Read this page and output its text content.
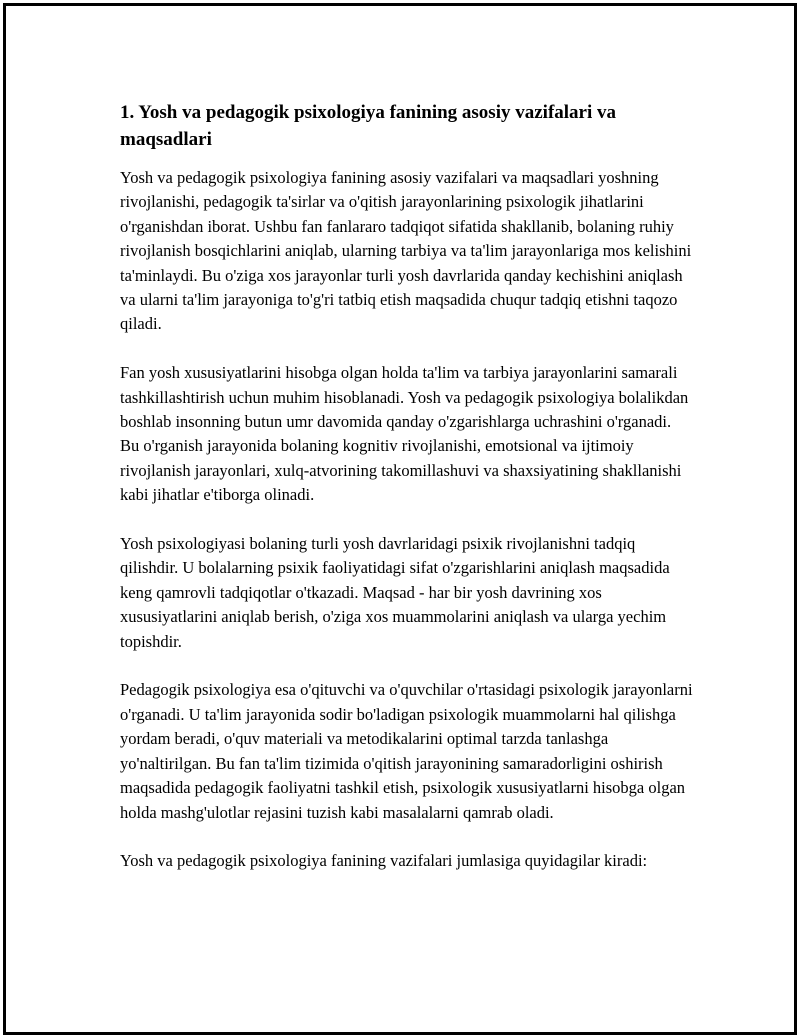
1. Yosh va pedagogik psixologiya fanining asosiy vazifalari va maqsadlari

Yosh va pedagogik psixologiya fanining asosiy vazifalari va maqsadlari yoshning rivojlanishi, pedagogik ta'sirlar va o'qitish jarayonlarining psixologik jihatlarini o'rganishdan iborat. Ushbu fan fanlararo tadqiqot sifatida shakllanib, bolaning ruhiy rivojlanish bosqichlarini aniqlab, ularning tarbiya va ta'lim jarayonlariga mos kelishini ta'minlaydi. Bu o'ziga xos jarayonlar turli yosh davrlarida qanday kechishini aniqlash va ularni ta'lim jarayoniga to'g'ri tatbiq etish maqsadida chuqur tadqiq etishni taqozo qiladi.

Fan yosh xususiyatlarini hisobga olgan holda ta'lim va tarbiya jarayonlarini samarali tashkillashtirish uchun muhim hisoblanadi. Yosh va pedagogik psixologiya bolalikdan boshlab insonning butun umr davomida qanday o'zgarishlarga uchrashini o'rganadi. Bu o'rganish jarayonida bolaning kognitiv rivojlanishi, emotsional va ijtimoiy rivojlanish jarayonlari, xulq-atvorining takomillashuvi va shaxsiyatining shakllanishi kabi jihatlar e'tiborga olinadi.

Yosh psixologiyasi bolaning turli yosh davrlaridagi psixik rivojlanishni tadqiq qilishdir. U bolalarning psixik faoliyatidagi sifat o'zgarishlarini aniqlash maqsadida keng qamrovli tadqiqotlar o'tkazadi. Maqsad - har bir yosh davrining xos xususiyatlarini aniqlab berish, o'ziga xos muammolarini aniqlash va ularga yechim topishdir.

Pedagogik psixologiya esa o'qituvchi va o'quvchilar o'rtasidagi psixologik jarayonlarni o'rganadi. U ta'lim jarayonida sodir bo'ladigan psixologik muammolarni hal qilishga yordam beradi, o'quv materiali va metodikalarini optimal tarzda tanlashga yo'naltirilgan. Bu fan ta'lim tizimida o'qitish jarayonining samaradorligini oshirish maqsadida pedagogik faoliyatni tashkil etish, psixologik xususiyatlarni hisobga olgan holda mashg'ulotlar rejasini tuzish kabi masalalarni qamrab oladi.

Yosh va pedagogik psixologiya fanining vazifalari jumlasiga quyidagilar kiradi:
